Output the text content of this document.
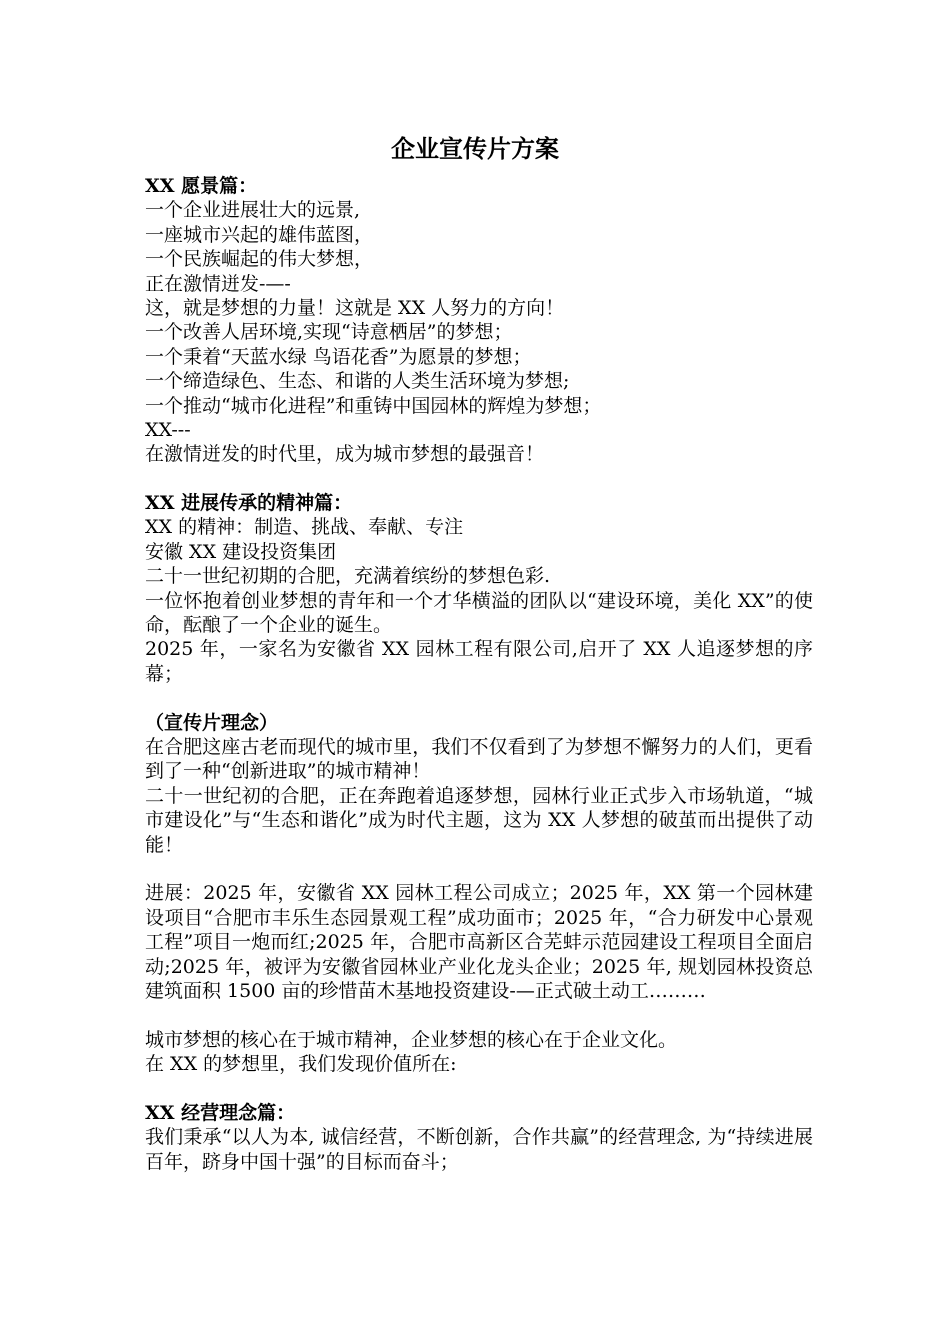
企业宣传片方案
XX 愿景篇：
一个企业进展壮大的远景,
一座城市兴起的雄伟蓝图，
一个民族崛起的伟大梦想，
正在激情迸发-—-
这，就是梦想的力量！这就是 XX 人努力的方向！
一个改善人居环境,实现“诗意栖居”的梦想；
一个秉着“天蓝水绿 鸟语花香”为愿景的梦想；
一个缔造绿色、生态、和谐的人类生活环境为梦想;
一个推动“城市化进程”和重铸中国园林的辉煌为梦想；
XX---
在激情迸发的时代里，成为城市梦想的最强音！
XX 进展传承的精神篇：
XX 的精神：制造、挑战、奉献、专注
安徽 XX 建设投资集团
二十一世纪初期的合肥，充满着缤纷的梦想色彩.
一位怀抱着创业梦想的青年和一个才华横溢的团队以“建设环境，美化 XX”的使命，酝酿了一个企业的诞生。
2025 年，一家名为安徽省 XX 园林工程有限公司,启开了 XX 人追逐梦想的序幕；
（宣传片理念）
在合肥这座古老而现代的城市里，我们不仅看到了为梦想不懈努力的人们，更看到了一种“创新进取”的城市精神！
二十一世纪初的合肥，正在奔跑着追逐梦想，园林行业正式步入市场轨道，“城市建设化”与“生态和谐化”成为时代主题，这为 XX 人梦想的破茧而出提供了动能！
进展：2025 年，安徽省 XX 园林工程公司成立；2025 年，XX 第一个园林建设项目“合肥市丰乐生态园景观工程”成功面市；2025 年，“合力研发中心景观工程”项目一炮而红;2025 年，合肥市高新区合芜蚌示范园建设工程项目全面启动;2025 年，被评为安徽省园林业产业化龙头企业；2025 年, 规划园林投资总建筑面积 1500 亩的珍惜苗木基地投资建设-—正式破土动工………
城市梦想的核心在于城市精神，企业梦想的核心在于企业文化。
在 XX 的梦想里，我们发现价值所在:
XX 经营理念篇：
我们秉承“以人为本, 诚信经营，不断创新，合作共赢”的经营理念, 为“持续进展百年，跻身中国十强”的目标而奋斗；
